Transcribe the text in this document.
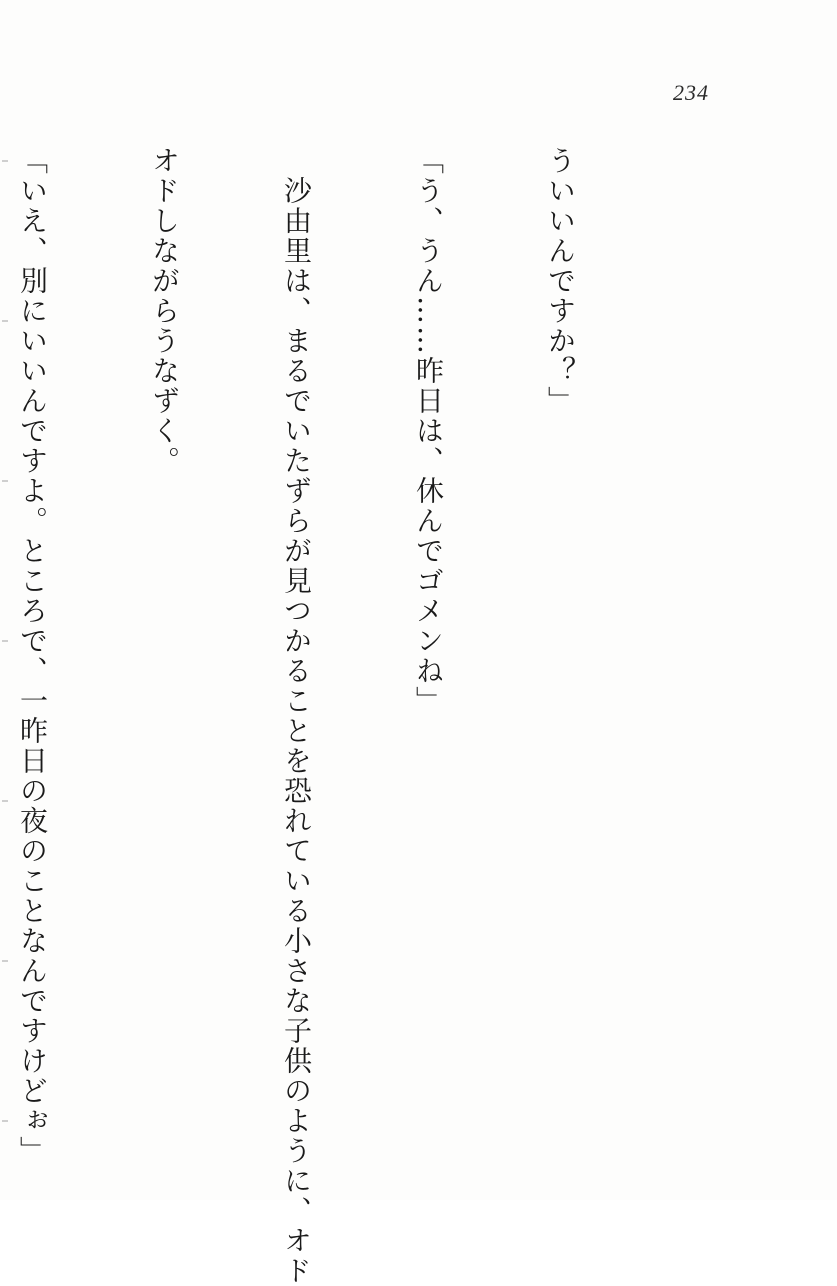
234

ういいんですか？」

「う、うん……昨日は、休んでゴメンね」

　沙由里は、まるでいたずらが見つかることを恐れている小さな子供のように、オド

オドしながらうなずく。

「いえ、別にいいんですよ。ところで、一昨日の夜のことなんですけどぉ」
